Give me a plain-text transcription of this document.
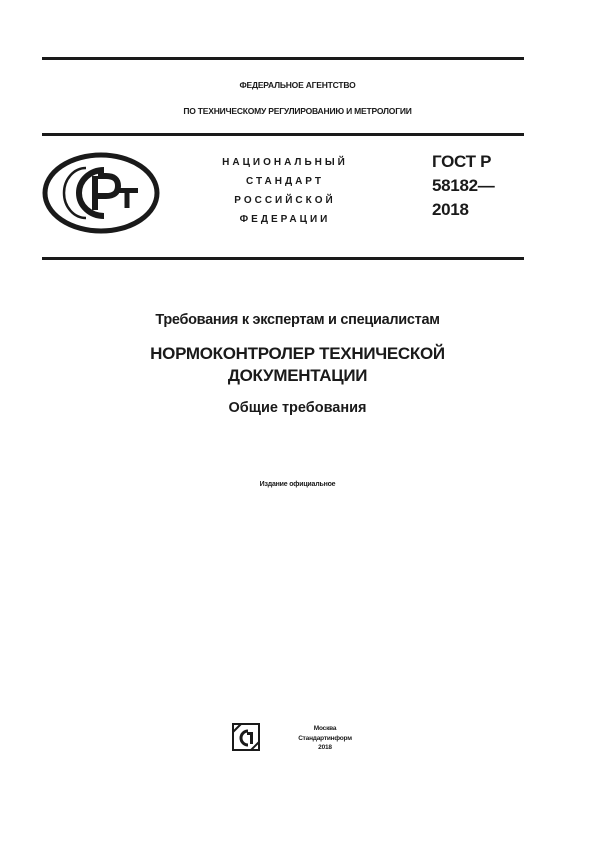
ФЕДЕРАЛЬНОЕ АГЕНТСТВО
ПО ТЕХНИЧЕСКОМУ РЕГУЛИРОВАНИЮ И МЕТРОЛОГИИ
НАЦИОНАЛЬНЫЙ
СТАНДАРТ
РОССИЙСКОЙ
ФЕДЕРАЦИИ
ГОСТ Р
58182—
2018
Требования к экспертам и специалистам
НОРМОКОНТРОЛЕР ТЕХНИЧЕСКОЙ
ДОКУМЕНТАЦИИ
Общие требования
Издание официальное
Москва
Стандартинформ
2018
